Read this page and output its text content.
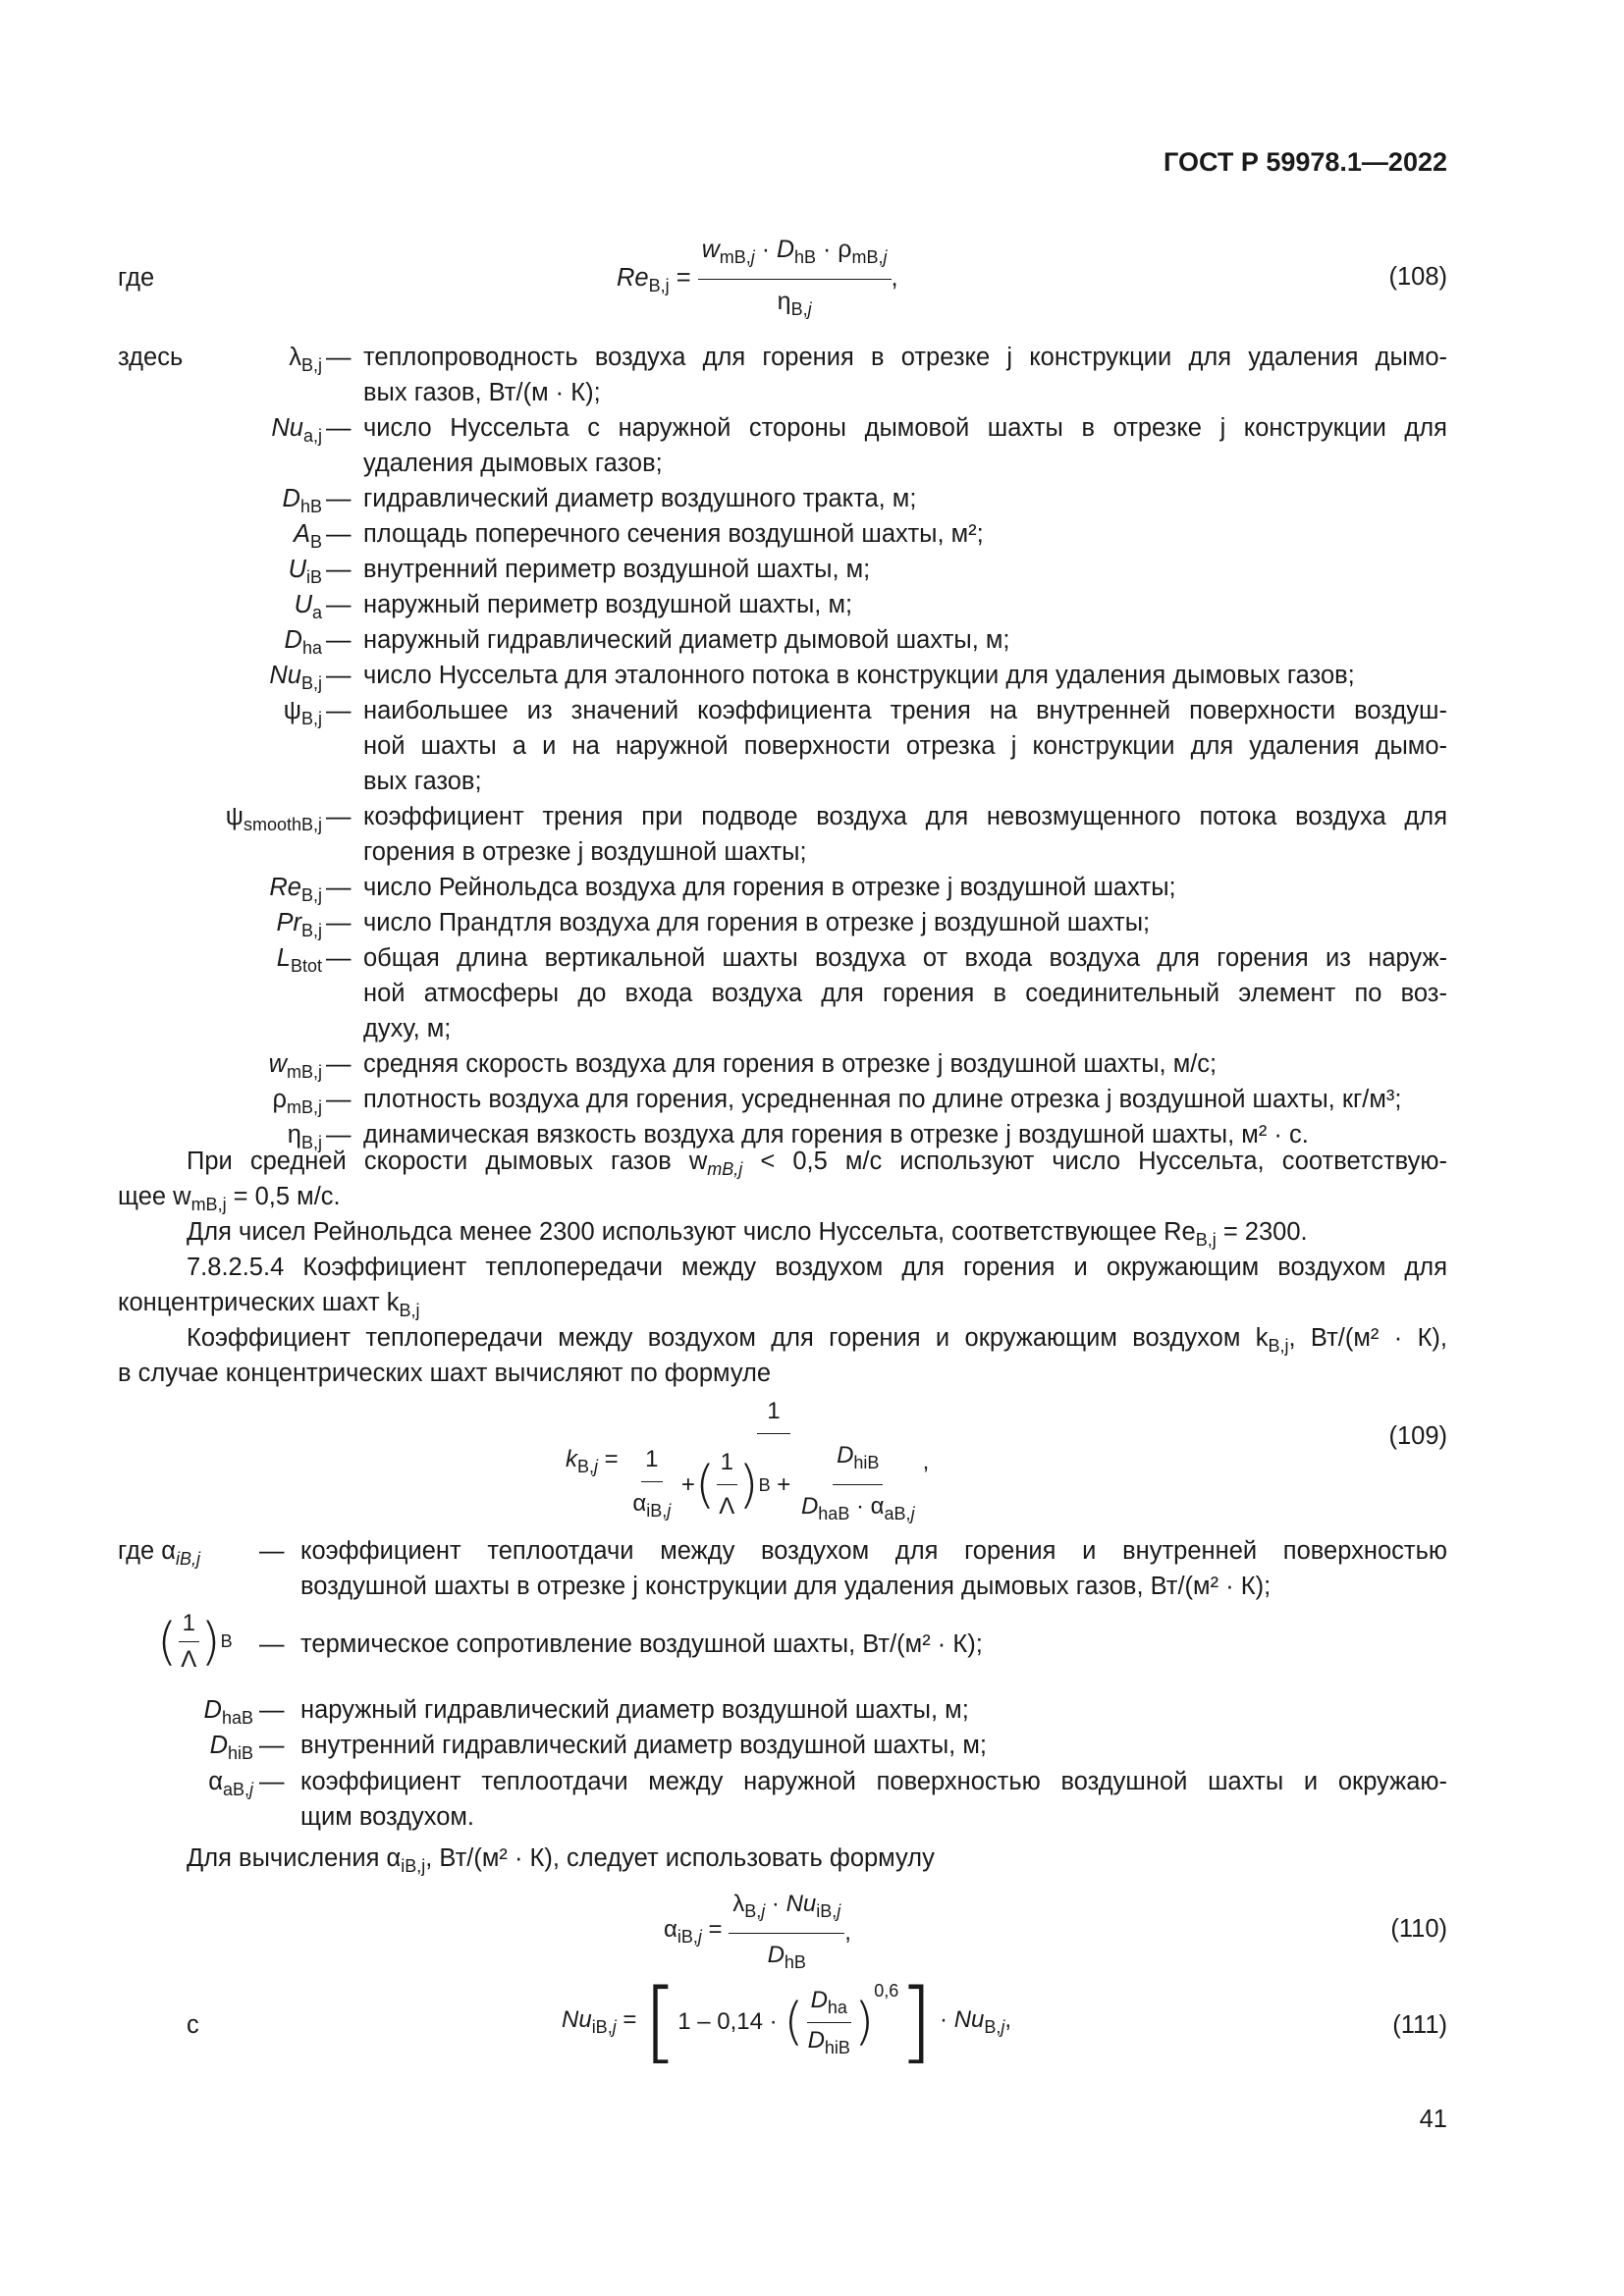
ГОСТ Р 59978.1—2022
где	$Re_{B,j} = \frac{w_{mB,j} \cdot D_{hB} \cdot \rho_{mB,j}}{\eta_{B,j}}$ ,	(108)
здесь	$\lambda_{B,j}$ — теплопроводность воздуха для горения в отрезке j конструкции для удаления дымо-
вых газов, Вт/(м · К);
$Nu_{a,j}$ — число Нуссельта с наружной стороны дымовой шахты в отрезке j конструкции для
удаления дымовых газов;
$D_{hB}$ — гидравлический диаметр воздушного тракта, м;
$A_B$ — площадь поперечного сечения воздушной шахты, м²;
$U_{iB}$ — внутренний периметр воздушной шахты, м;
$U_a$ — наружный периметр воздушной шахты, м;
$D_{ha}$ — наружный гидравлический диаметр дымовой шахты, м;
$Nu_{B,j}$ — число Нуссельта для эталонного потока в конструкции для удаления дымовых газов;
$\psi_{B,j}$ — наибольшее из значений коэффициента трения на внутренней поверхности воздуш-
ной шахты а и на наружной поверхности отрезка j конструкции для удаления дымо-
вых газов;
$\psi_{smoothB,j}$ — коэффициент трения при подводе воздуха для невозмущенного потока воздуха для
горения в отрезке j воздушной шахты;
$Re_{B,j}$ — число Рейнольдса воздуха для горения в отрезке j воздушной шахты;
$Pr_{B,j}$ — число Прандтля воздуха для горения в отрезке j воздушной шахты;
$L_{Btot}$ — общая длина вертикальной шахты воздуха от входа воздуха для горения из наруж-
ной атмосферы до входа воздуха для горения в соединительный элемент по воз-
духу, м;
$w_{mB,j}$ — средняя скорость воздуха для горения в отрезке j воздушной шахты, м/с;
$\rho_{mB,j}$ — плотность воздуха для горения, усредненная по длине отрезка j воздушной шахты, кг/м³;
$\eta_{B,j}$ — динамическая вязкость воздуха для горения в отрезке j воздушной шахты, м² · с.
При средней скорости дымовых газов $w_{mB,j} < 0,5$ м/с используют число Нуссельта, соответствую-
щее $w_{mB,j} = 0,5$ м/с.
Для чисел Рейнольдса менее 2300 используют число Нуссельта, соответствующее $Re_{B,j} = 2300$.
7.8.2.5.4 Коэффициент теплопередачи между воздухом для горения и окружающим воздухом для
концентрических шахт $k_{B,j}$
Коэффициент теплопередачи между воздухом для горения и окружающим воздухом $k_{B,j}$, Вт/(м² · К),
в случае концентрических шахт вычисляют по формуле
$k_{B,j} = \frac{1}{\frac{1}{\alpha_{iB,j}} + ( \frac{1}{\Lambda} ) B + \frac{D_{hiB}}{D_{haB} \cdot \alpha_{aB,j}}}$ ,
(109)
где $\alpha_{iB,j}$ — коэффициент теплоотдачи между воздухом для горения и внутренней поверхностью
воздушной шахты в отрезке j конструкции для удаления дымовых газов, Вт/(м² · К);
( $\frac{1}{\Lambda}$ ) B — термическое сопротивление воздушной шахты, Вт/(м² · К);
$D_{haB}$ — наружный гидравлический диаметр воздушной шахты, м;
$D_{hiB}$ — внутренний гидравлический диаметр воздушной шахты, м;
$\alpha_{aB,j}$ — коэффициент теплоотдачи между наружной поверхностью воздушной шахты и окружаю-
щим воздухом.
Для вычисления $\alpha_{iB,j}$, Вт/(м² · К), следует использовать формулу
$\alpha_{iB,j} = \frac{\lambda_{B,j} \cdot Nu_{iB,j}}{D_{hB}}$ ,	(110)
с	$Nu_{iB,j}$ = [ 1 – 0,14 · ( $\frac{D_{ha}}{D_{hiB}}$ )
0,6 ] · $Nu_{B,j}$,	(111)
41
